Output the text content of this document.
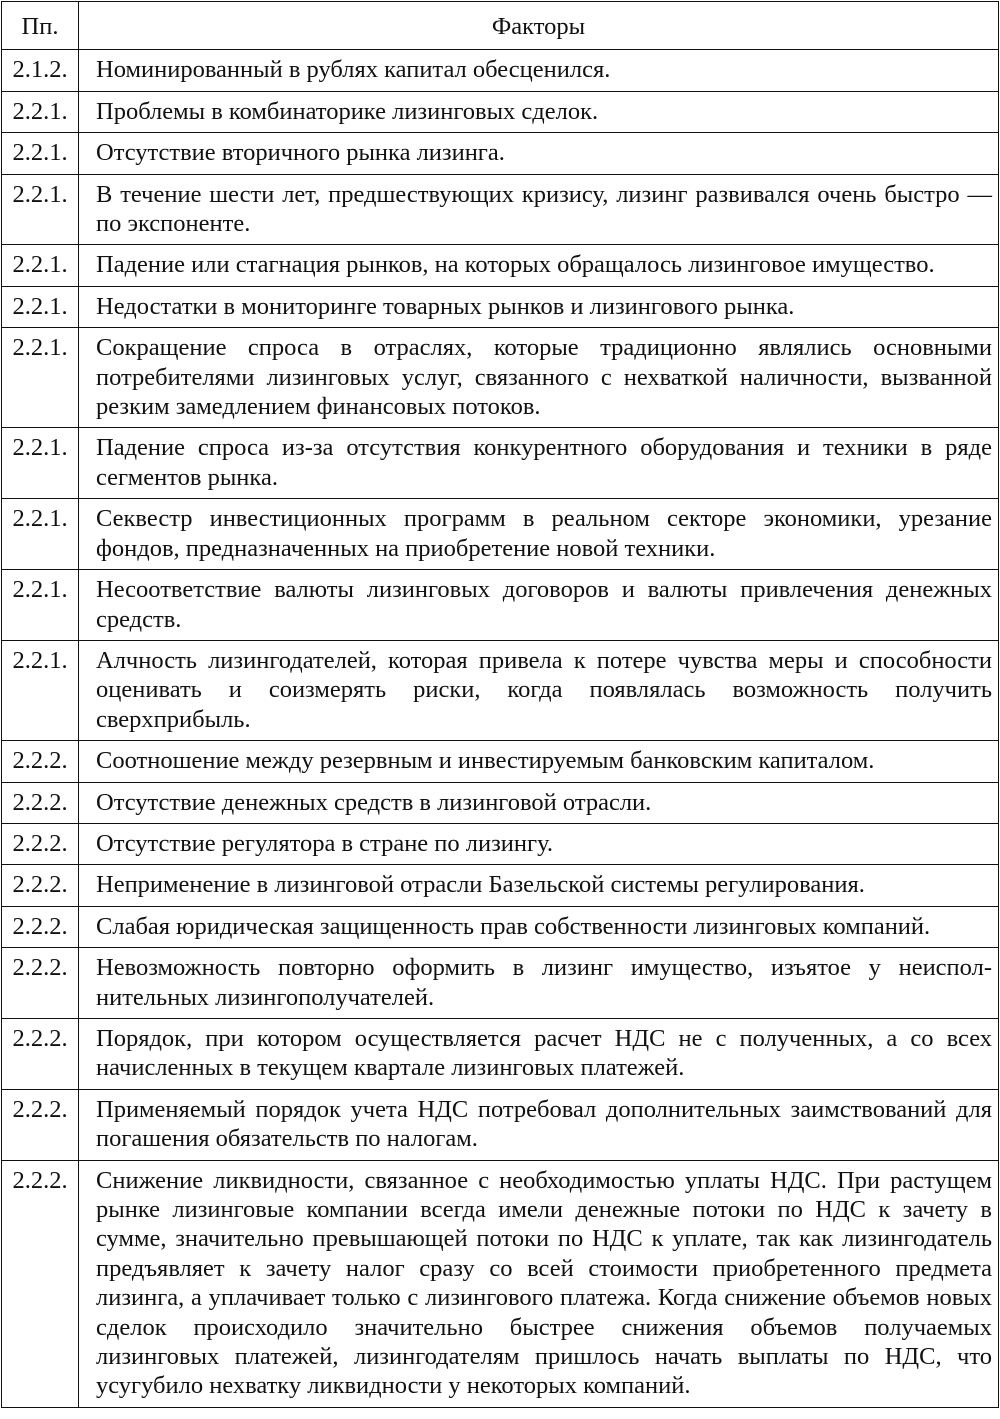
Пп.	Факторы
2.1.2.	Номинированный в рублях капитал обесценился.
2.2.1.	Проблемы в комбинаторике лизинговых сделок.
2.2.1.	Отсутствие вторичного рынка лизинга.
2.2.1.	В течение шести лет, предшествующих кризису, лизинг развивался очень быстро — по экспоненте.
2.2.1.	Падение или стагнация рынков, на которых обращалось лизинговое имущество.
2.2.1.	Недостатки в мониторинге товарных рынков и лизингового рынка.
2.2.1.	Сокращение спроса в отраслях, которые традиционно являлись основными потребителями лизинговых услуг, связанного с нехваткой наличности, вызванной резким замедлением финансовых потоков.
2.2.1.	Падение спроса из-за отсутствия конкурентного оборудования и техники в ряде сегментов рынка.
2.2.1.	Секвестр инвестиционных программ в реальном секторе экономики, урезание фондов, предназначенных на приобретение новой техники.
2.2.1.	Несоответствие валюты лизинговых договоров и валюты привлечения денежных средств.
2.2.1.	Алчность лизингодателей, которая привела к потере чувства меры и способности оценивать и соизмерять риски, когда появлялась возможность получить сверхприбыль.
2.2.2.	Соотношение между резервным и инвестируемым банковским капиталом.
2.2.2.	Отсутствие денежных средств в лизинговой отрасли.
2.2.2.	Отсутствие регулятора в стране по лизингу.
2.2.2.	Неприменение в лизинговой отрасли Базельской системы регулирования.
2.2.2.	Слабая юридическая защищенность прав собственности лизинговых компаний.
2.2.2.	Невозможность повторно оформить в лизинг имущество, изъятое у неисполнительных лизингополучателей.
2.2.2.	Порядок, при котором осуществляется расчет НДС не с полученных, а со всех начисленных в текущем квартале лизинговых платежей.
2.2.2.	Применяемый порядок учета НДС потребовал дополнительных заимствований для погашения обязательств по налогам.
2.2.2.	Снижение ликвидности, связанное с необходимостью уплаты НДС. При растущем рынке лизинговые компании всегда имели денежные потоки по НДС к зачету в сумме, значительно превышающей потоки по НДС к уплате, так как лизингодатель предъявляет к зачету налог сразу со всей стоимости приобретенного предмета лизинга, а уплачивает только с лизингового платежа. Когда снижение объемов новых сделок происходило значительно быстрее снижения объемов получаемых лизинговых платежей, лизингодателям пришлось начать выплаты по НДС, что усугубило нехватку ликвидности у некоторых компаний.
